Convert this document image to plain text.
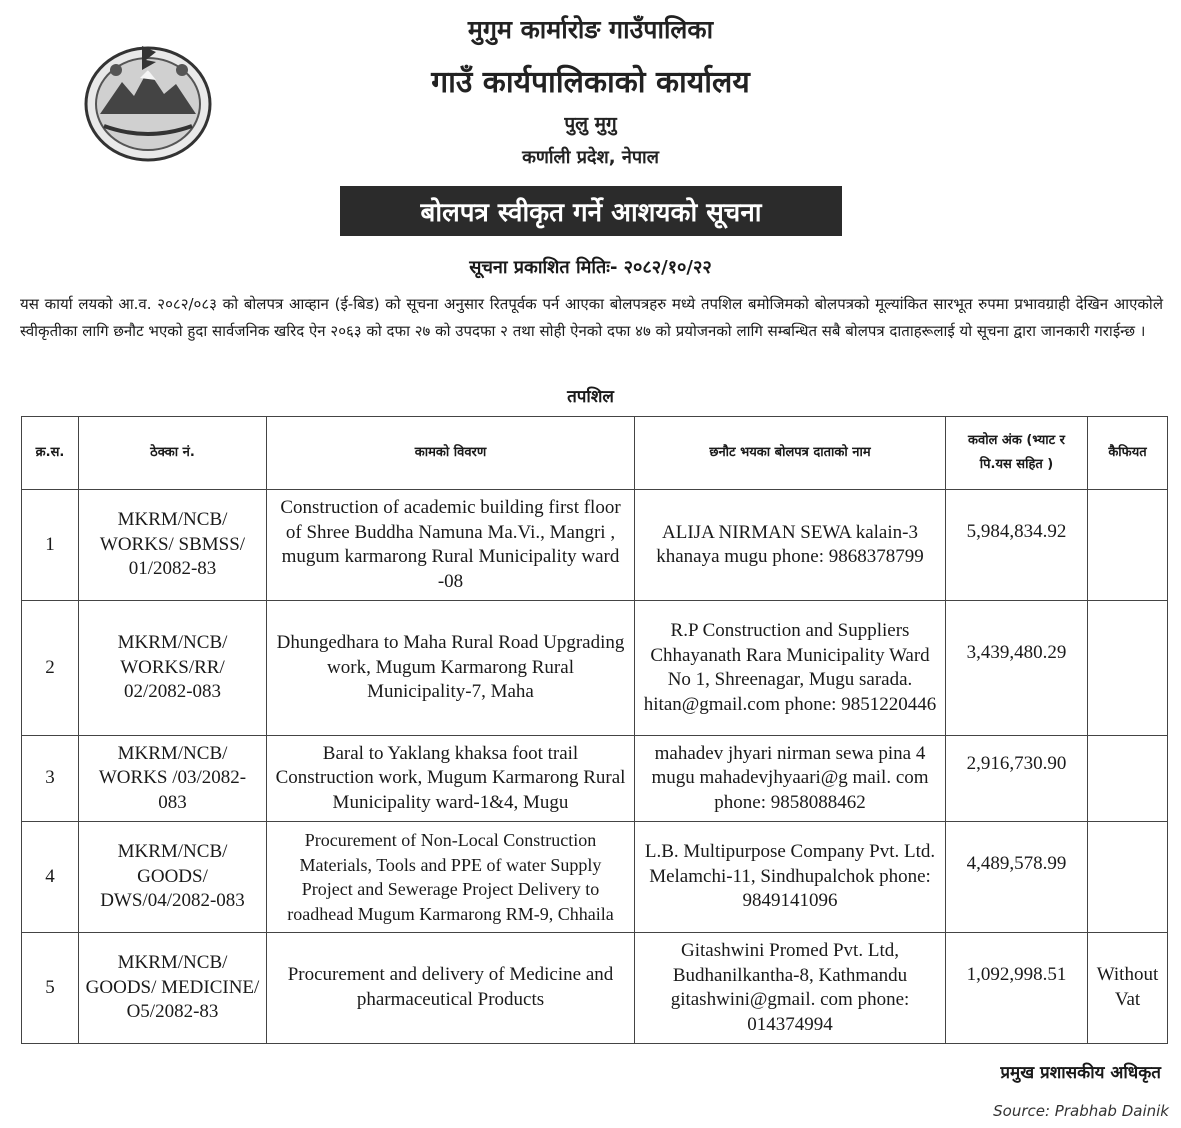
मुगुम कार्मारोङ गाउँपालिका
गाउँ कार्यपालिकाको कार्यालय
पुलु मुगु
कर्णाली प्रदेश, नेपाल
बोलपत्र स्वीकृत गर्ने आशयको सूचना
सूचना प्रकाशित मितिः- २०८२/१०/२२
यस कार्या लयको आ.व. २०८२/०८३ को बोलपत्र आव्हान (ई-बिड) को सूचना अनुसार रितपूर्वक पर्न आएका बोलपत्रहरु मध्ये तपशिल बमोजिमको बोलपत्रको मूल्यांकित सारभूत रुपमा प्रभावग्राही देखिन आएकोले स्वीकृतीका लागि छनौट भएको हुदा सार्वजनिक खरिद ऐन २०६३ को दफा २७ को उपदफा २ तथा सोही ऐनको दफा ४७ को प्रयोजनको लागि सम्बन्धित सबै बोलपत्र दाताहरूलाई यो सूचना द्वारा जानकारी गराईन्छ ।
तपशिल
क्र.स.	ठेक्का नं.	कामको विवरण	छनौट भयका बोलपत्र दाताको नाम	कवोल अंक (भ्याट र पि.यस सहित )	कैफियत
1	MKRM/NCB/ WORKS/ SBMSS/ 01/2082-83	Construction of academic building first floor of Shree Buddha Namuna Ma.Vi., Mangri , mugum karmarong Rural Municipality ward -08	ALIJA NIRMAN SEWA kalain-3 khanaya mugu phone: 9868378799	5,984,834.92	
2	MKRM/NCB/ WORKS/RR/ 02/2082-083	Dhungedhara to Maha Rural Road Upgrading work, Mugum Karmarong Rural Municipality-7, Maha	R.P Construction and Suppliers Chhayanath Rara Municipality Ward No 1, Shreenagar, Mugu sarada. hitan@gmail.com phone: 9851220446	3,439,480.29	
3	MKRM/NCB/ WORKS /03/2082-083	Baral to Yaklang khaksa foot trail Construction work, Mugum Karmarong Rural Municipality ward-1&4, Mugu	mahadev jhyari nirman sewa pina 4 mugu mahadevjhyaari@g mail. com phone: 9858088462	2,916,730.90	
4	MKRM/NCB/ GOODS/ DWS/04/2082-083	Procurement of Non-Local Construction Materials, Tools and PPE of water Supply Project and Sewerage Project Delivery to roadhead Mugum Karmarong RM-9, Chhaila	L.B. Multipurpose Company Pvt. Ltd. Melamchi-11, Sindhupalchok phone: 9849141096	4,489,578.99	
5	MKRM/NCB/ GOODS/ MEDICINE/ O5/2082-83	Procurement and delivery of Medicine and pharmaceutical Products	Gitashwini Promed Pvt. Ltd, Budhanilkantha-8, Kathmandu gitashwini@gmail. com phone: 014374994	1,092,998.51	Without Vat
प्रमुख प्रशासकीय अधिकृत
Source: Prabhab Dainik
